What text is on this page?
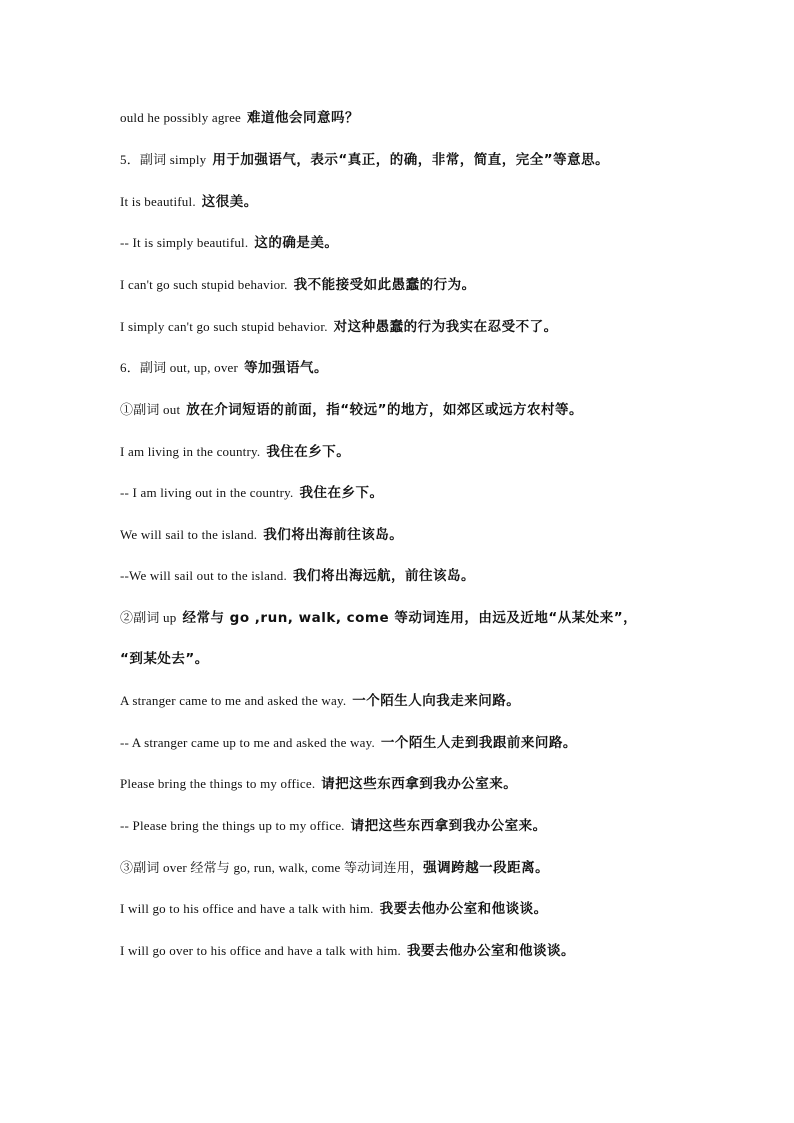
ould he possibly agree 难道他会同意吗？
5．副词 simply 用于加强语气，表示“真正，的确，非常，简直，完全”等意思。
It is beautiful. 这很美。
-- It is simply beautiful. 这的确是美。
I can't go such stupid behavior. 我不能接受如此愚蠢的行为。
I simply can't go such stupid behavior. 对这种愚蠢的行为我实在忍受不了。
6．副词 out, up, over 等加强语气。
①副词 out 放在介词短语的前面，指“较远”的地方，如郊区或远方农村等。
I am living in the country. 我住在乡下。
-- I am living out in the country. 我住在乡下。
We will sail to the island. 我们将出海前往该岛。
--We will sail out to the island. 我们将出海远航，前往该岛。
②副词 up 经常与 go ,run, walk, come 等动词连用，由远及近地“从某处来”，
“到某处去”。
A stranger came to me and asked the way. 一个陌生人向我走来问路。
-- A stranger came up to me and asked the way. 一个陌生人走到我跟前来问路。
Please bring the things to my office. 请把这些东西拿到我办公室来。
-- Please bring the things up to my office. 请把这些东西拿到我办公室来。
③副词 over 经常与 go, run, walk, come 等动词连用，强调跨越一段距离。
I will go to his office and have a talk with him. 我要去他办公室和他谈谈。
I will go over to his office and have a talk with him. 我要去他办公室和他谈谈。
